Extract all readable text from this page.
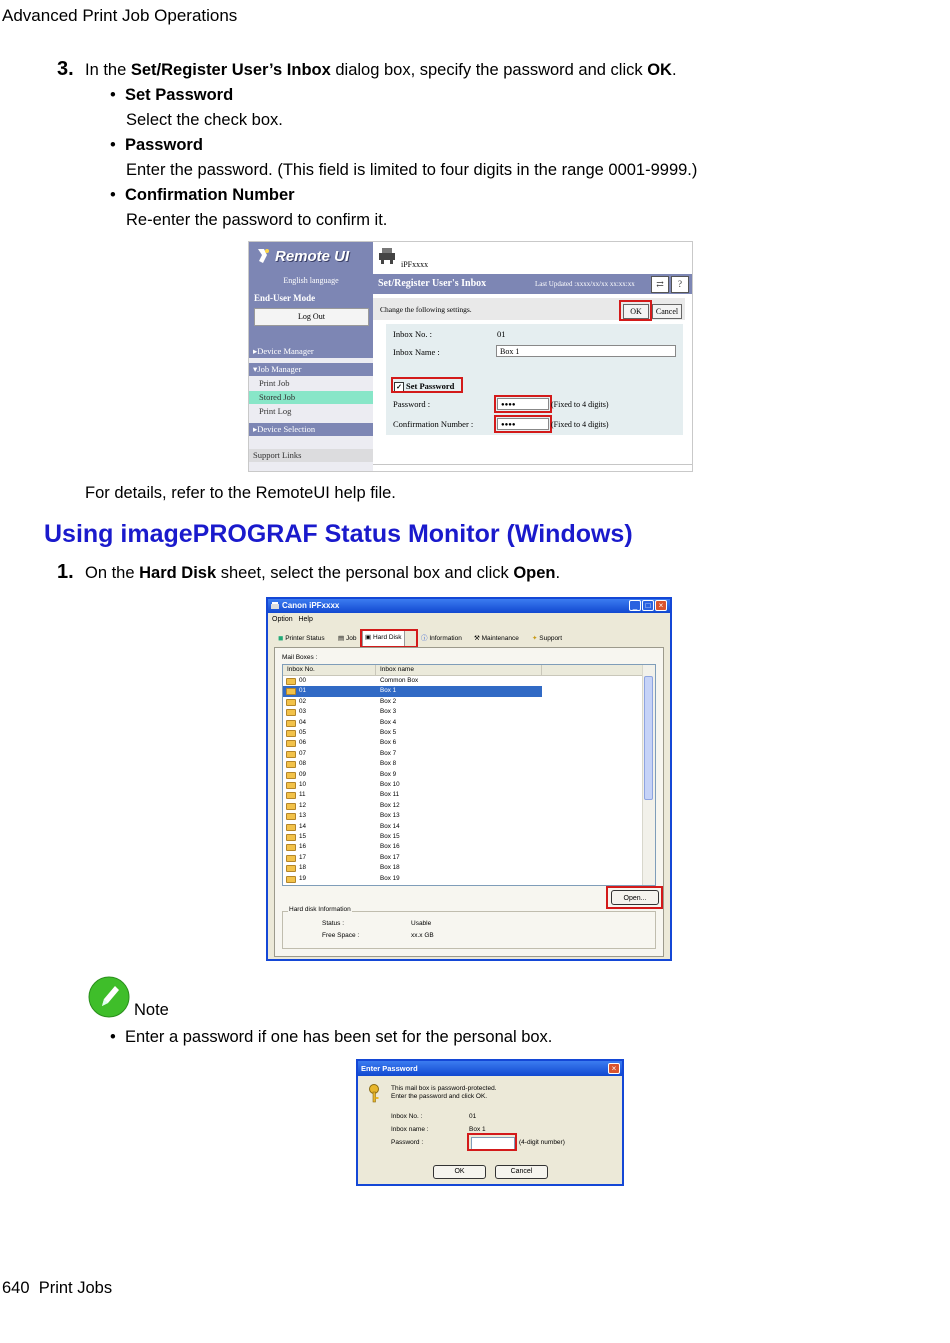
Advanced Print Job Operations
3. In the Set/Register User’s Inbox dialog box, specify the password and click OK.
•  Set Password
Select the check box.
•  Password
Enter the password. (This field is limited to four digits in the range 0001-9999.)
•  Confirmation Number
Re-enter the password to confirm it.
Remote UI
English language
End-User Mode
Log Out
▸Device Manager
▾Job Manager
Print Job
Stored Job
Print Log
▸Device Selection
Support Links
iPFxxxx
Set/Register User's Inbox	Last Updated :xxxx/xx/xx xx:xx:xx	⇄	?
Change the following settings.	OK	Cancel
Inbox No. :	01
Inbox Name :	Box 1
✓ Set Password
Password :	●●●●	(Fixed to 4 digits)
Confirmation Number :	●●●●	(Fixed to 4 digits)
For details, refer to the RemoteUI help file.
Using imagePROGRAF Status Monitor (Windows)
1. On the Hard Disk sheet, select the personal box and click Open.
Canon iPFxxxx	_	□	×
Option Help
◼ Printer Status	▤ Job	▣ Hard Disk	ⓘ Information	⚒ Maintenance	✦ Support
Mail Boxes :
Inbox No.	Inbox name
00	Common Box
01	Box 1
02	Box 2
03	Box 3
04	Box 4
05	Box 5
06	Box 6
07	Box 7
08	Box 8
09	Box 9
10	Box 10
11	Box 11
12	Box 12
13	Box 13
14	Box 14
15	Box 15
16	Box 16
17	Box 17
18	Box 18
19	Box 19
Open...
Hard disk Information
Status :	Usable
Free Space :	xx.x GB
Note
•  Enter a password if one has been set for the personal box.
Enter Password	×
This mail box is password-protected.
Enter the password and click OK.
Inbox No. :	01
Inbox name :	Box 1
Password :	(4-digit number)
OK	Cancel
640 Print Jobs
